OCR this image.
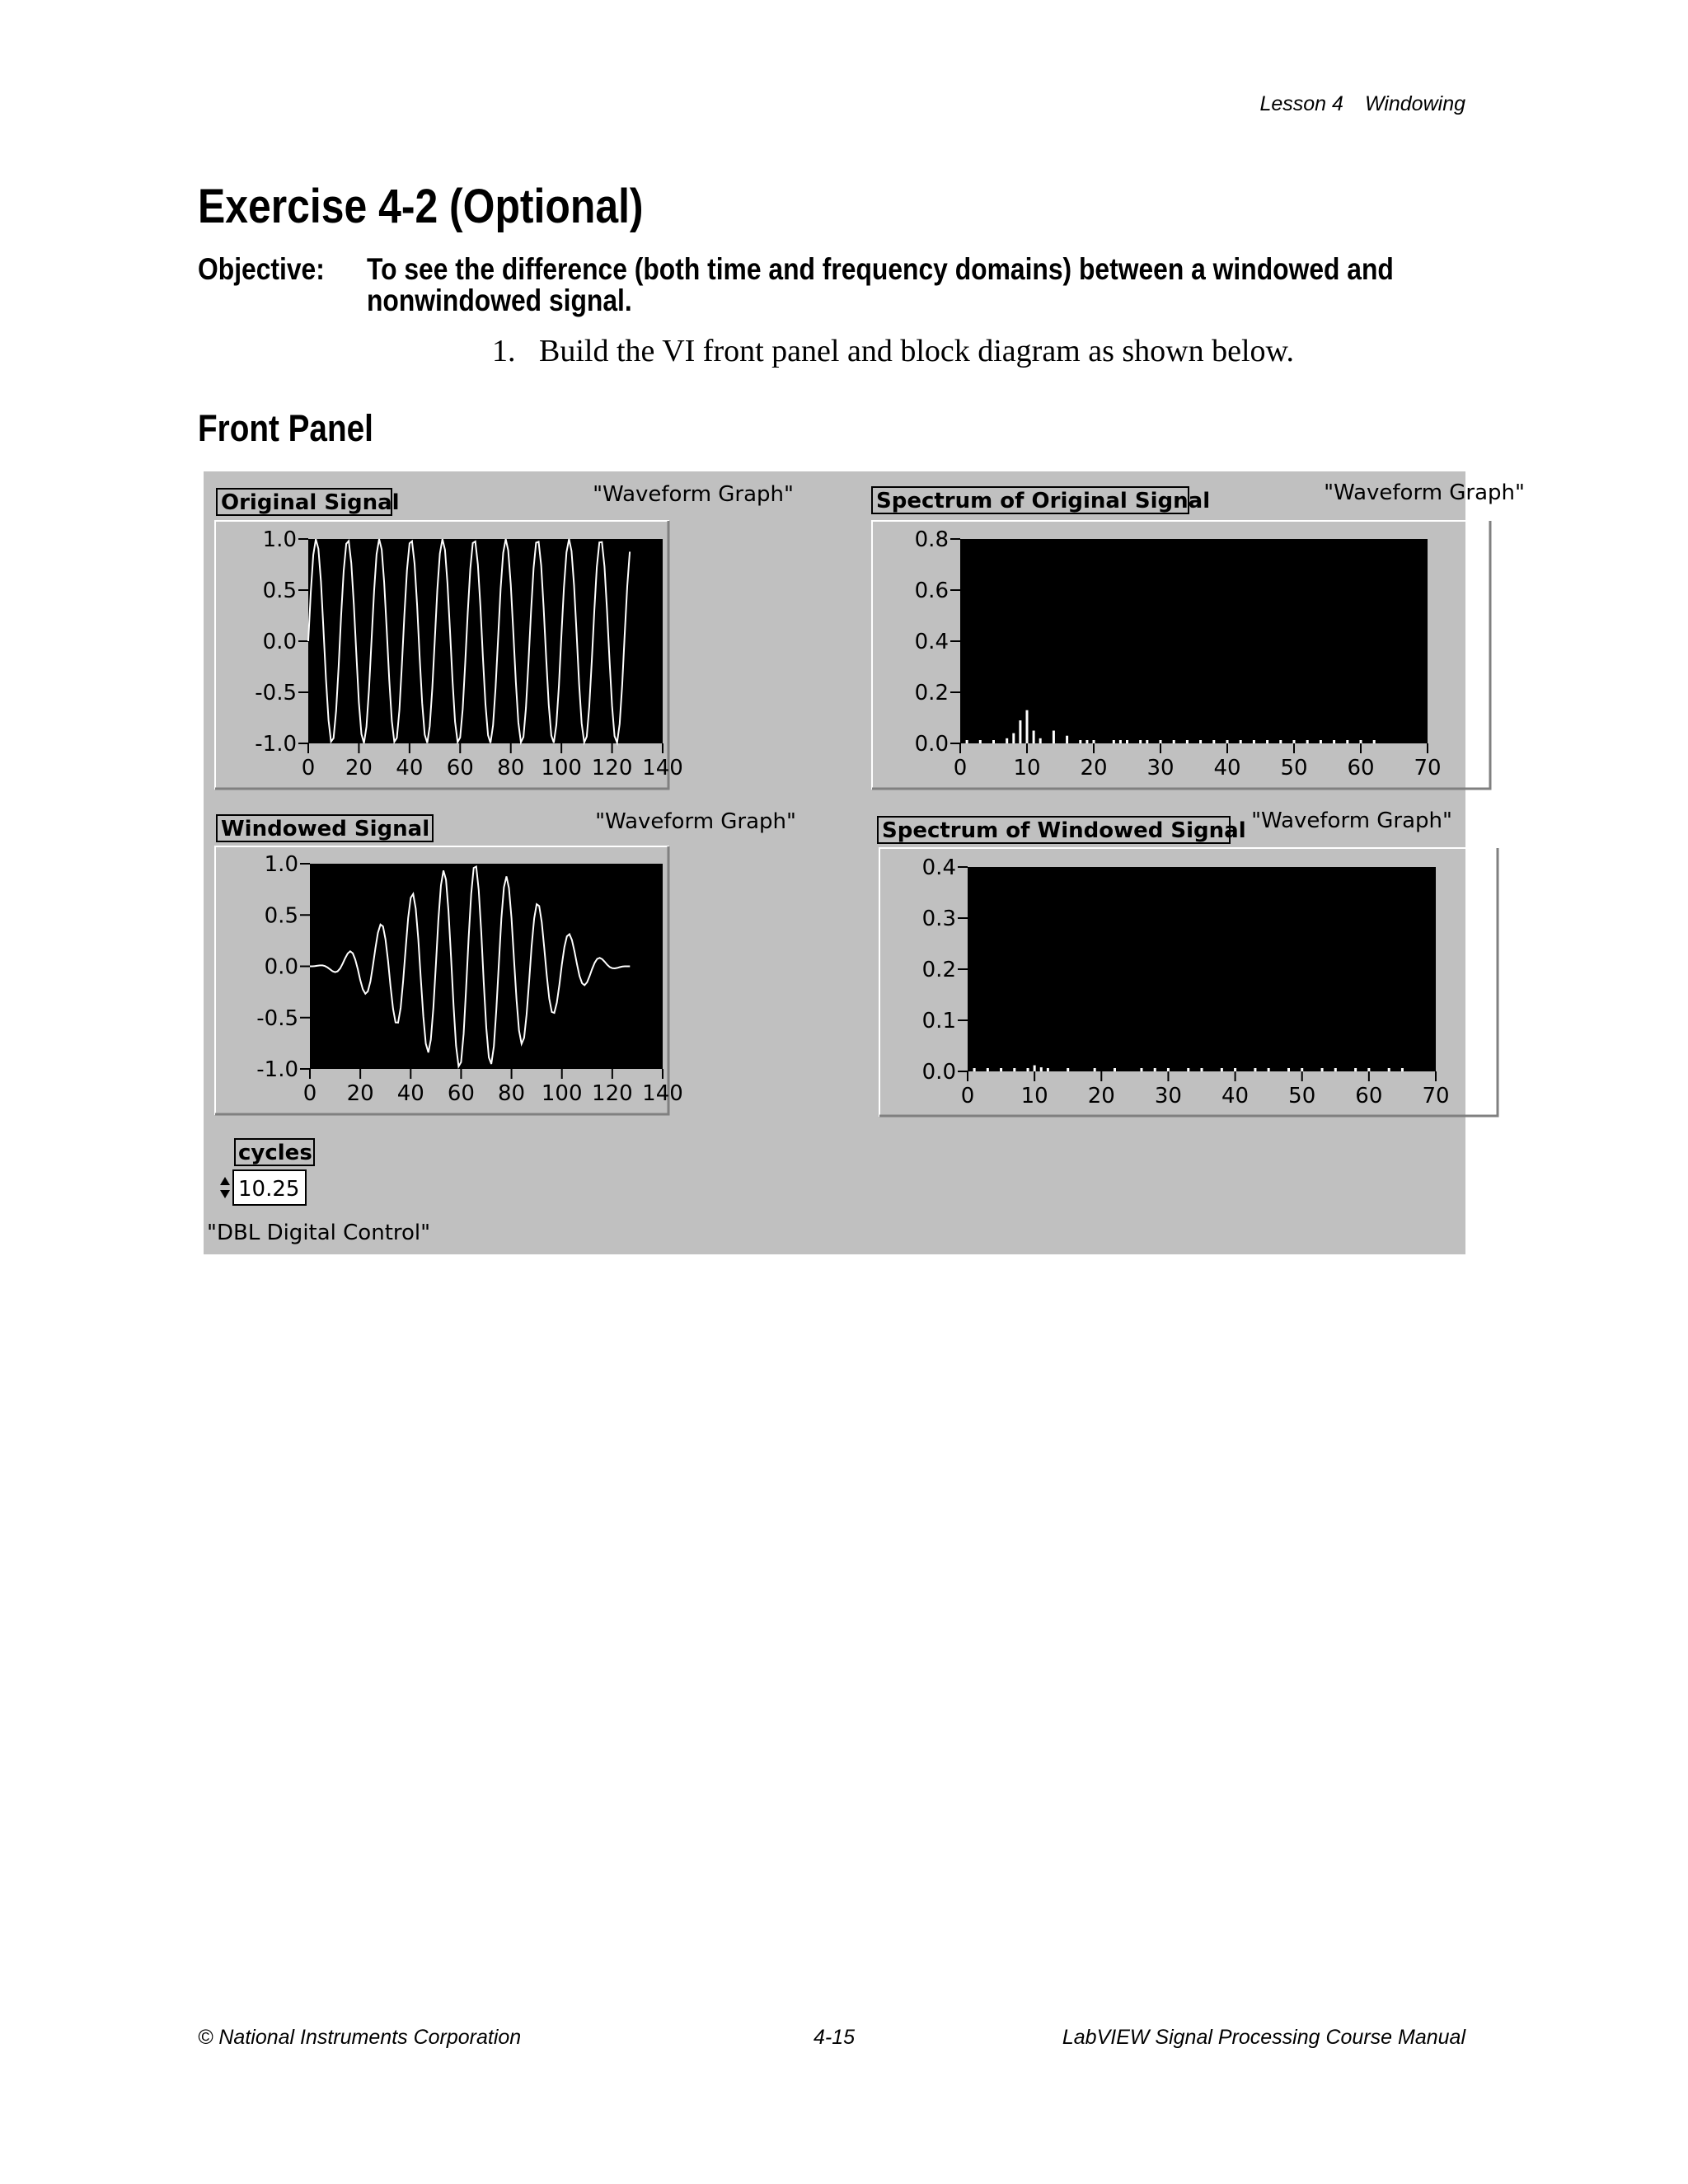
Lesson 4 Windowing
Exercise 4-2 (Optional)
Objective: To see the difference (both time and frequency domains) between a windowed and nonwindowed signal.
1. Build the VI front panel and block diagram as shown below.
Front Panel
Original Signal	"Waveform Graph"
1.0
0.5
0.0
-0.5
-1.0
0 20 40 60 80 100 120 140
Spectrum of Original Signal	"Waveform Graph"
0.8
0.6
0.4
0.2
0.0
0 10 20 30 40 50 60 70
Windowed Signal	"Waveform Graph"
1.0
0.5
0.0
-0.5
-1.0
0 20 40 60 80 100 120 140
Spectrum of Windowed Signal "Waveform Graph"
0.4
0.3
0.2
0.1
0.0
0 10 20 30 40 50 60 70
cycles
10.25
"DBL Digital Control"
© National Instruments Corporation	4-15	LabVIEW Signal Processing Course Manual
